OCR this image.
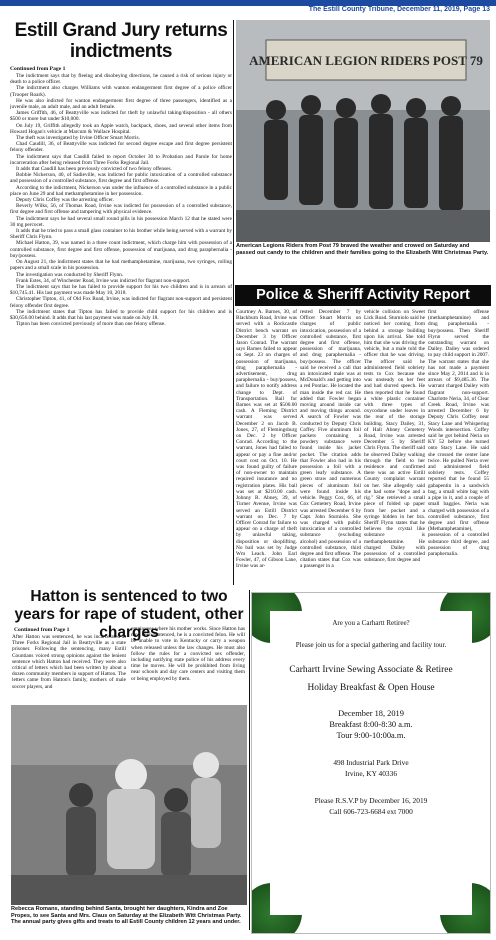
The Estill County Tribune, December 11, 2019, Page 13
Estill Grand Jury returns indictments
Continued from Page 1
The indictment says that by fleeing and disobeying directions, he caused a risk of serious injury or death to a police officer.
The indictment also charges Williams with wanton endangerment first degree of a police officer (Trooper Roark).
He was also indicted for wanton endangerment first degree of three passengers, identified as a juvenile male, an adult male, and an adult female.
James Griffith, 46, of Beattyville was indicted for theft by unlawful taking/disposition - all others $500 or more but under $10,000.
On July 19, Griffith allegedly took an Apple watch, backpack, shoes, and several other items from Howard Hogan's vehicle at Marcum & Wallace Hospital.
The theft was investigated by Irvine Officer Smart Morris.
Chad Caudill, 36, of Beattyville was indicted for second degree escape and first degree persistent felony offender.
The indictment says that Caudill failed to report October 30 to Probation and Parole for home incarceration after being released from Three Forks Regional Jail.
It adds that Caudill has been previously convicted of two felony offenses.
Bobbie Nickerson, 40, of Sadieville, was indicted for public intoxication of a controlled substance and possession of a controlled substance, first degree and first offense.
According to the indictment, Nickerson was under the influence of a controlled substance in a public place on June 29 and had methamphetamine in her possession.
Deputy Chris Coffey was the arresting officer.
Beverly Wilks, 56, of Thomas Road, Irvine was indicted for possession of a controlled substance, first degree and first offense and tampering with physical evidence.
The indictment says he had several small round pills in his possession March 12 that he stated were 30 mg percocet.
It adds that he tried to pass a small glass container to his brother while being served with a warrant by Sheriff Chris Flynn.
Michael Hatton, 39, was named in a three count indictment, which charge him with possession of a controlled substance, first degree and first offense, possession of marijuana, and drug paraphernalia - buy/possess.
On August 21, the indictment states that he had methamphetamine, marijuana, two syringes, rolling papers and a small scale in his possession.
The investigation was conducted by Sheriff Flynn.
Frank Estes, 34, of Winchester Road, Irvine was indicted for flagrant non-support.
The indictment says that he has failed to provide support for his two children and is in arrears of $10,745.41. His last payment was made May 10, 2018.
Christopher Tipton, 41, of Old Fox Road, Irvine, was indicted for flagrant non-support and persistent felony offender first degree.
The indictment states that Tipton has failed to provide child support for his children and is $30,656.00 behind. It adds that his last payment was made on July 18.
Tipton has been convicted previously of more than one felony offense.
AMERICAN LEGION RIDERS POST 79
American Legions Riders from Post 79 braved the weather and crowed on Saturday and passed out candy to the children and their families going to the Elizabeth Witt Christmas Party.
Police & Sheriff Activity Report
Courtney A. Barnes, 30, of Blackburn Road, Irvine was served with a Rockcastle District bench warrant on December 3 by Officer Jason Conrad. The warrant says Barnes failed to appear on Sept. 23 on charges of possession of marijuana, drug paraphernalia - advertisement, drug paraphernalia - buy/possess, and failure to notify address change to Dept. of Transportation. Bail for Barnes was set at $500.00 cash. A Fleming District warrant was served December 2 on Jacob B. Jones, 27, of Flemingsburg on Dec. 2 by Officer Conrad. According to the warrant, Jones had failed to appear or pay a fine and/or court cost on Oct. 10. He was found guilty of failure of non-owner to maintain required insurance and no registration plates. His bail was set at $210.00 cash. Johnny R. Abney, 39, of Turner Avenue, Irvine was served an Estill District warrant on Dec. 7 by Officer Conrad for failure to appear on a charge of theft by unlawful taking, disposition or shoplifting. No bail was set by Judge Wm Leach. John Earl Fowler, 47, of Gibson Lane, Irvine was ar-
rested December 7 by Officer Stuart Morris on charges of public intoxication, possession of a controlled substance, first degree and first offense, possession of marijuana, and drug paraphernalia - buy/possess. The officer said he received a call that an intoxicated male was at McDonald's and getting into a red Pontiac. He located the man inside the red car. He added that Fowler began moving around inside car and moving things around. A search of Fowler was conducted by Deputy Chris Coffey. Five aluminum foil packets containing a powdery substance were found inside his jacket pocket. The citation adds that Fowler also had in his possession a foil with a green leafy substance. A green straw and numerous pieces of aluminum foil were found inside his vehicle. Peggy Cox, 66, of Cox Cemetery Road, Irvine was arrested December 6 by Capt. John Sturniolo. She was charged with public intoxication of a controlled substance (excluding alcohol) and possession of a controlled substance, third degree and first offense. The citation states that Cox was a passenger in a
vehicle collision on Sweet Lick Road. Sturniolo said he noticed her coming from behind a storage building upon his arrival. She told him that she was driving the vehicle, but a male told the officer that he was driving. The officer said he administered field sobriety tests to Cox because she was unsteady on her feet and had slurred speech. He then reported that he found a white plastic container with three types of oxycodone under leaves in the rear of the storage building. Stacy Dailey, 31, of Hall Abney Cemetery Road, Irvine was arrested December 5 by Sheriff Chris Flynn. The sheriff said he observed Dailey walking through the field to her residence and confirmed there was an active Estill County complaint warrant on her. She allegedly said she had some "dope and a rig." She retrieved a small piece of folded up paper from her pocket and a syringe hidden in her bra. Sheriff Flynn states that he believes the crystal like substance is methamphetamine. He charged Dailey with possession of a controlled substance, first degree and
first offense (methamphetamine) and drug paraphernalia - buy/possess. Then Sheriff Flynn served the outstanding warrant on Dailey. Dailey was ordered to pay child support in 2007. The warrant states that she has not made a payment since May 2, 2014 and is in arrears of $9,485.36. The warrant charged Dailey with flagrant non-support. Charlotte Neria, 34, of Clear Creek Road, Irvine was arrested December 6 by Deputy Chris Coffey near Stacy Lane and Whispering Woods intersection. Coffey said he got behind Neria on KY 52 before she turned onto Stacy Lane. He said she crossed the center lane twice. He pulled Neria over and administered field sobriety tests. Coffey reported that he found 55 gabapentin in a sandwich bag, a small white bag with a pipe in it, and a couple of small baggies. Neria was charged with possession of a controlled substance, first degree and first offense (Methamphetamine), possession of a controlled substance third degree, and possession of drug paraphernalia.
Hatton is sentenced to two years for rape of student, other charges
Continued from Page 1
After Hatton was sentenced, he was incarcerated at Three Forks Regional Jail in Beattyville as a state prisoner. Following the sentencing, many Estill Countians voiced strong opinions against the lenient sentence which Hatton had received. They were also critical of letters which had been written by about a dozen community members in support of Hatton. The letters came from Hatton's family, mothers of male soccer players, and
employees where his mother works. Since Hatton has now been sentenced, he is a convicted felon. He will be unable to vote in Kentucky or carry a weapon when released unless the law changes. He must also follow the rules for a convicted sex offender, including notifying state police of his address every time he moves. He will be prohibited from living near schools and day care centers and visiting them or being employed by them.
Rebecca Romans, standing behind Santa, brought her daughters, Kindra and Zoe Propes, to see Santa and Mrs. Claus on Saturday at the Elizabeth Witt Christmas Party. The annual party gives gifts and treats to all Estill County children 12 years and under.
Are you a Carhartt Retiree?
Please join us for a special gathering and facility tour.
Carhartt Irvine Sewing Associate & Retiree
Holiday Breakfast & Open House
December 18, 2019
Breakfast 8:00-8:30 a.m.
Tour 9:00-10:00a.m.
498 Industrial Park Drive
Irvine, KY 40336
Please R.S.V.P by December 16, 2019
Call 606-723-6684 ext 7000
